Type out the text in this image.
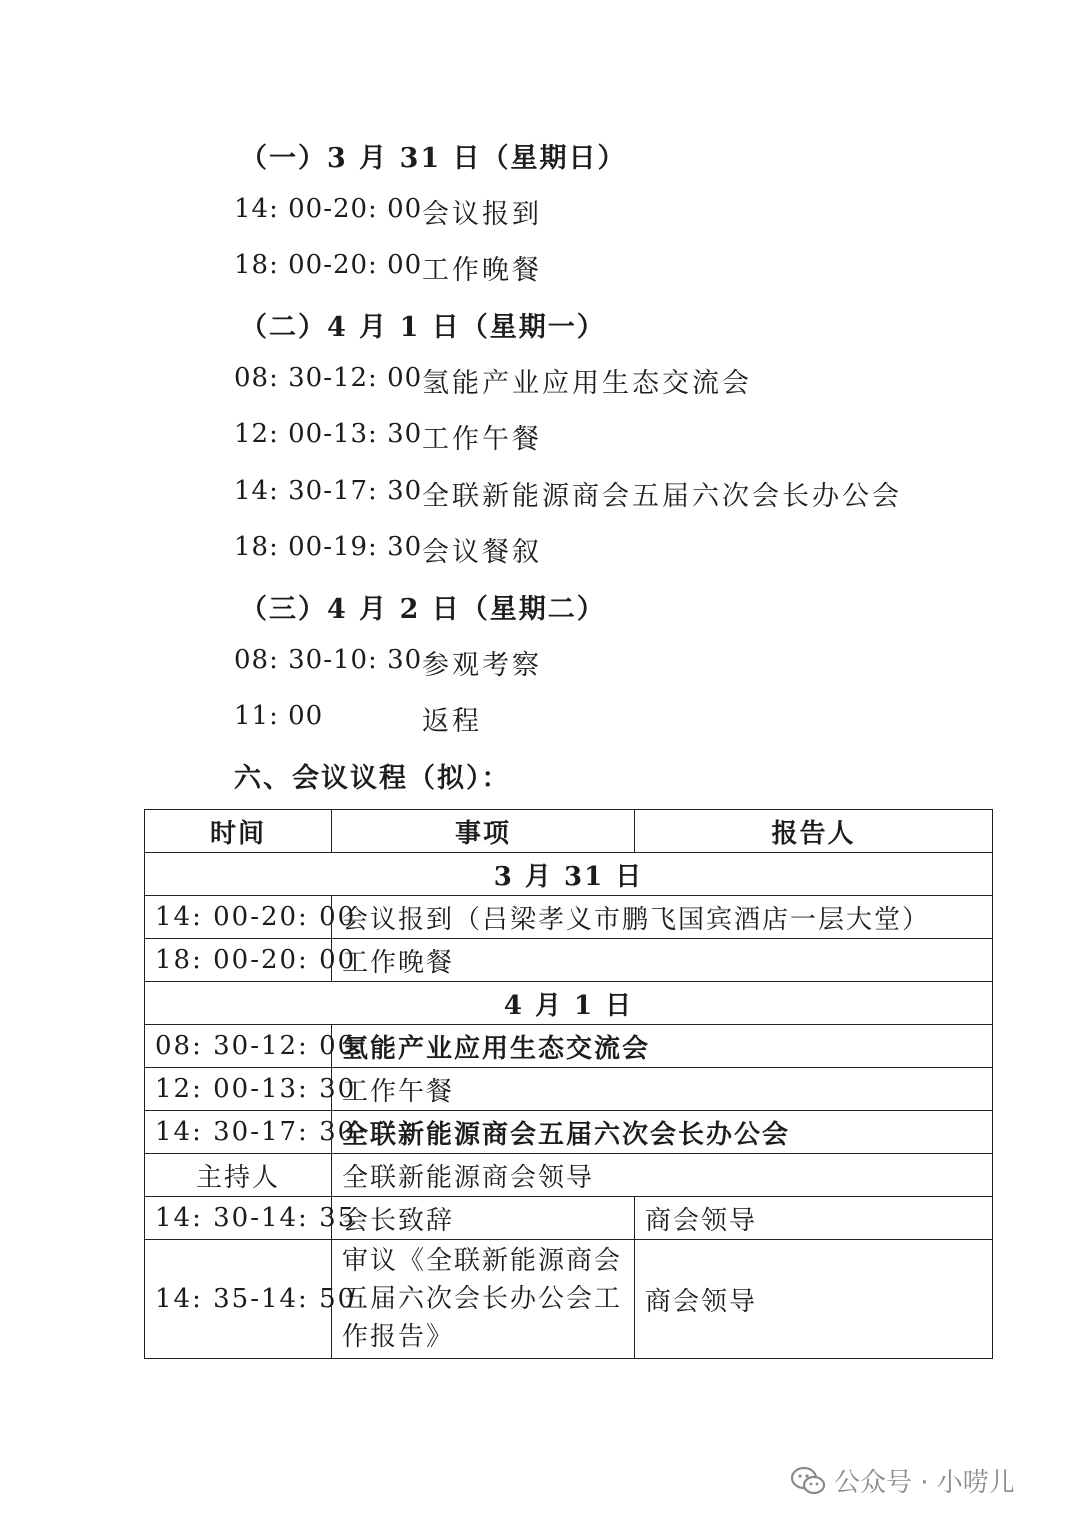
（一）3 月 31 日（星期日）
14: 00-20: 00 会议报到
18: 00-20: 00 工作晚餐
（二）4 月 1 日（星期一）
08: 30-12: 00 氢能产业应用生态交流会
12: 00-13: 30 工作午餐
14: 30-17: 30 全联新能源商会五届六次会长办公会
18: 00-19: 30 会议餐叙
（三）4 月 2 日（星期二）
08: 30-10: 30 参观考察
11: 00	返程
六、会议议程（拟）：
时间	事项	报告人
3 月 31 日		
14: 00-20: 00	会议报到（吕梁孝义市鹏飞国宾酒店一层大堂）	
18: 00-20: 00	工作晚餐	
4 月 1 日		
08: 30-12: 00	氢能产业应用生态交流会	
12: 00-13: 30	工作午餐	
14: 30-17: 30	全联新能源商会五届六次会长办公会	
主持人	全联新能源商会领导	
14: 30-14: 35	会长致辞	商会领导
14: 35-14: 50	审议《全联新能源商会五届六次会长办公会工作报告》	商会领导
公众号 · 小唠儿
